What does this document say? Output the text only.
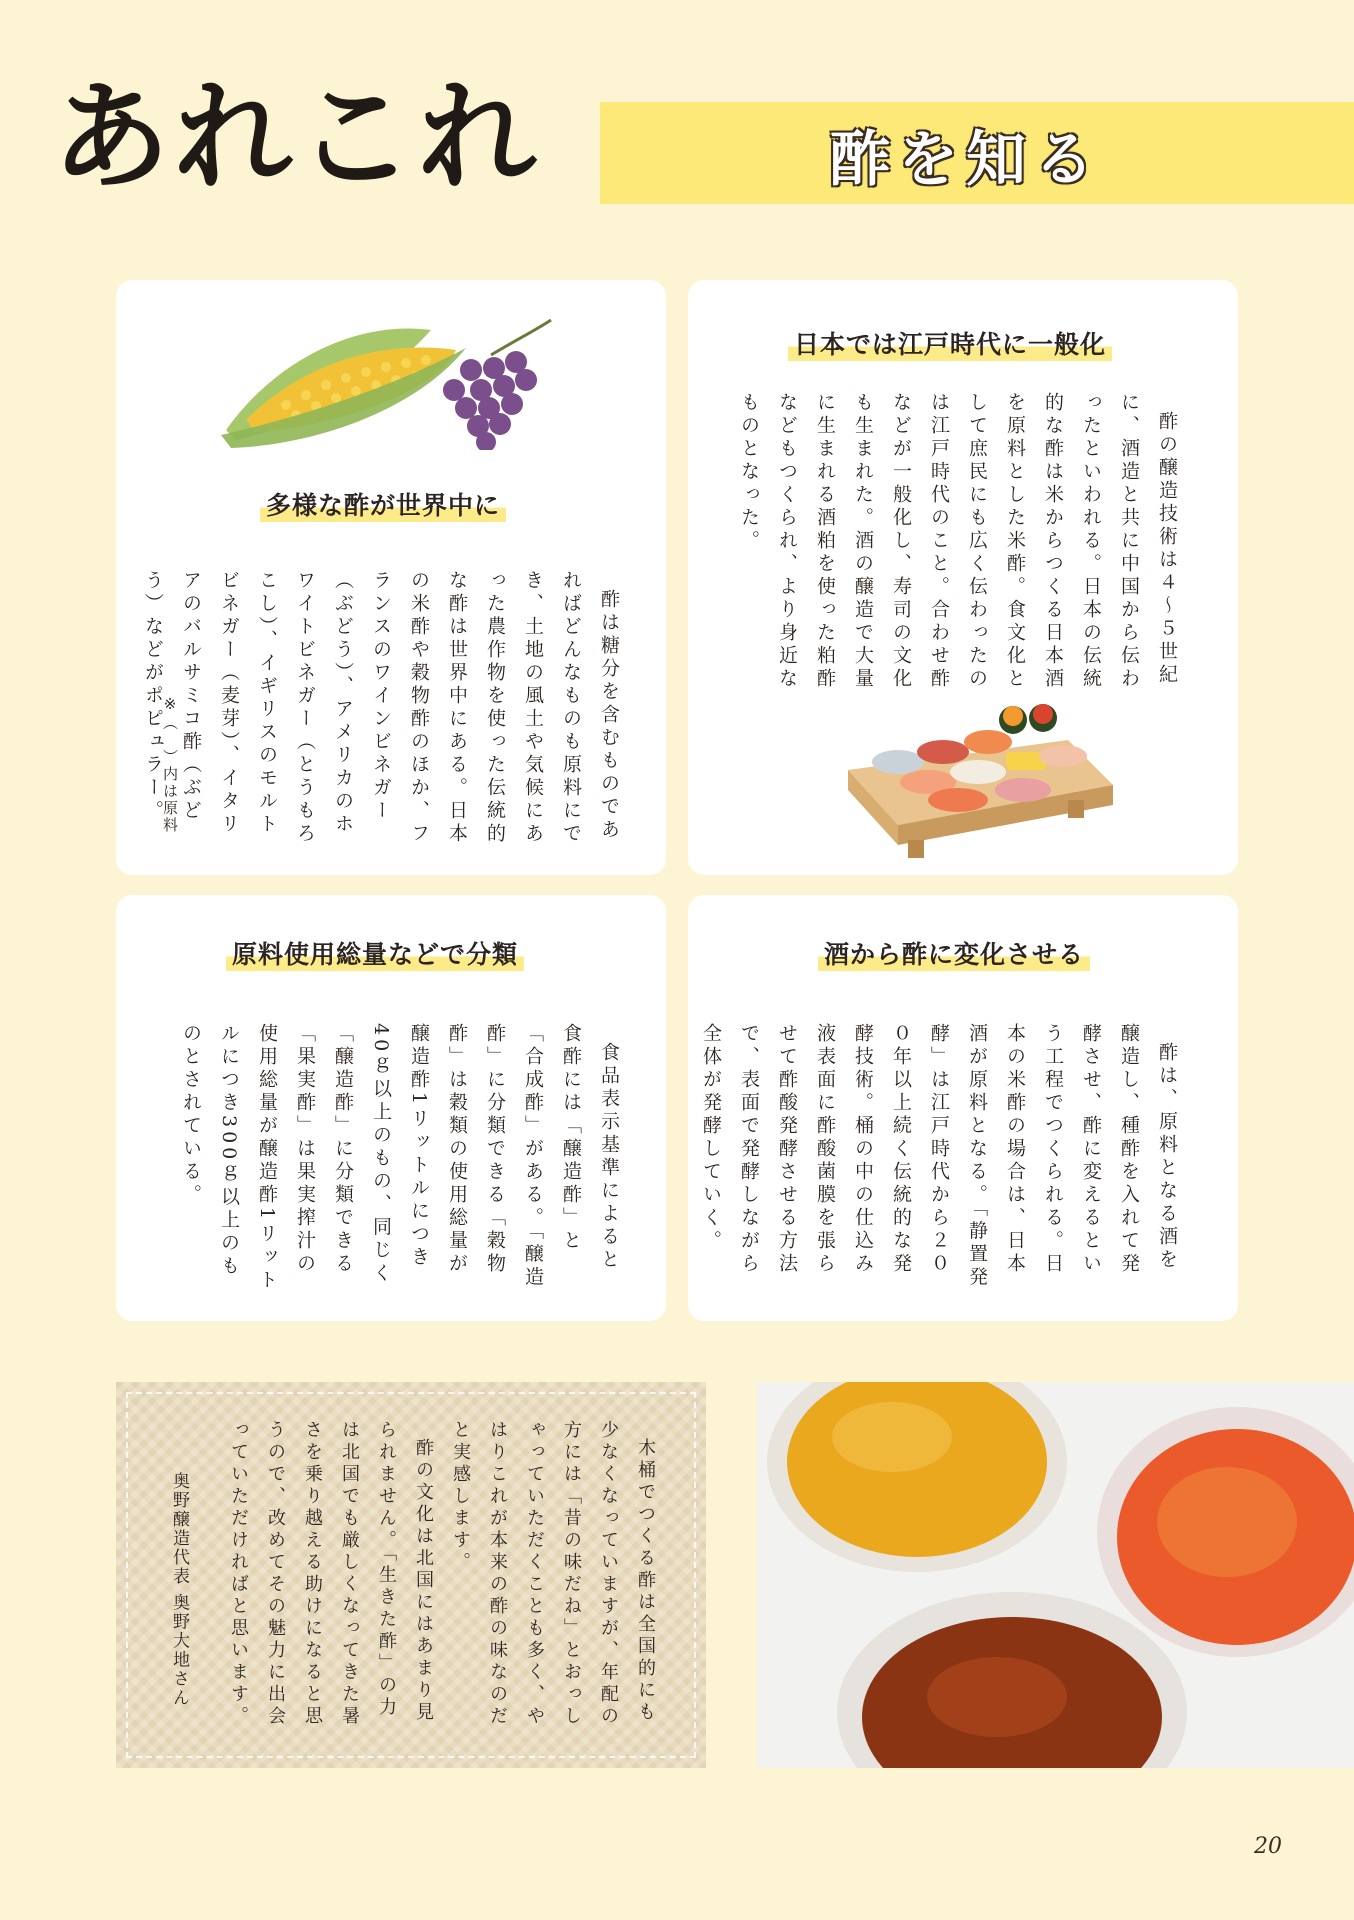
あれこれ	酢を知る
多様な酢が世界中に

酢は糖分を含むものであればどんなものも原料にでき、土地の風土や気候にあった農作物を使った伝統的な酢は世界中にある。日本の米酢や穀物酢のほか、フランスのワインビネガー（ぶどう）、アメリカのホワイトビネガー（とうもろこし）、イギリスのモルトビネガー（麦芽）、イタリアのバルサミコ酢（ぶどう）などがポピュラー。

※（　）内は原料
日本では江戸時代に一般化

酢の醸造技術は４～５世紀に、酒造と共に中国から伝わったといわれる。日本の伝統的な酢は米からつくる日本酒を原料とした米酢。食文化として庶民にも広く伝わったのは江戸時代のこと。合わせ酢などが一般化し、寿司の文化も生まれた。酒の醸造で大量に生まれる酒粕を使った粕酢などもつくられ、より身近なものとなった。

原料使用総量などで分類

食品表示基準によると食酢には「醸造酢」と「合成酢」がある。「醸造酢」に分類できる「穀物酢」は穀類の使用総量が醸造酢1リットルにつき40ｇ以上のもの、同じく「醸造酢」に分類できる「果実酢」は果実搾汁の使用総量が醸造酢1リットルにつき300ｇ以上のものとされている。

酒から酢に変化させる

酢は、原料となる酒を醸造し、種酢を入れて発酵させ、酢に変えるという工程でつくられる。日本の米酢の場合は、日本酒が原料となる。「静置発酵」は江戸時代から２００年以上続く伝統的な発酵技術。桶の中の仕込み液表面に酢酸菌膜を張らせて酢酸発酵させる方法で、表面で発酵しながら全体が発酵していく。

木桶でつくる酢は全国的にも少なくなっていますが、年配の方には「昔の味だね」とおっしゃっていただくことも多く、やはりこれが本来の酢の味なのだと実感します。

酢の文化は北国にはあまり見られません。「生きた酢」の力は北国でも厳しくなってきた暑さを乗り越える助けになると思うので、改めてその魅力に出会っていただければと思います。

奥野醸造代表 奥野大地さん
20
